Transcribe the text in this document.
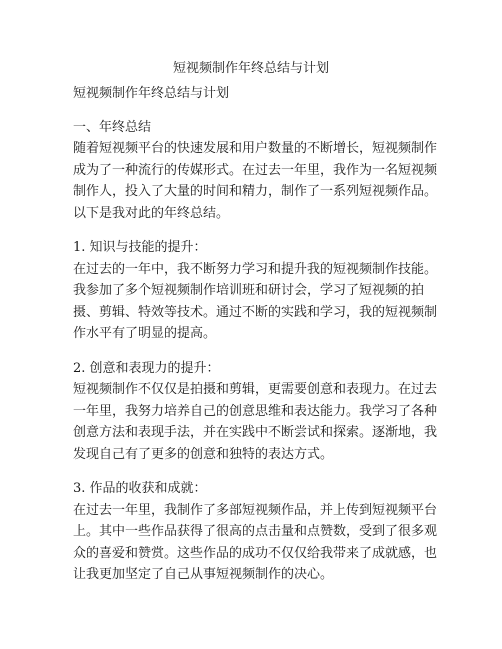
短视频制作年终总结与计划

短视频制作年终总结与计划

一、年终总结

随着短视频平台的快速发展和用户数量的不断增长，短视频制作成为了一种流行的传媒形式。在过去一年里，我作为一名短视频制作人，投入了大量的时间和精力，制作了一系列短视频作品。以下是我对此的年终总结。

1. 知识与技能的提升：

在过去的一年中，我不断努力学习和提升我的短视频制作技能。我参加了多个短视频制作培训班和研讨会，学习了短视频的拍摄、剪辑、特效等技术。通过不断的实践和学习，我的短视频制作水平有了明显的提高。

2. 创意和表现力的提升：

短视频制作不仅仅是拍摄和剪辑，更需要创意和表现力。在过去一年里，我努力培养自己的创意思维和表达能力。我学习了各种创意方法和表现手法，并在实践中不断尝试和探索。逐渐地，我发现自己有了更多的创意和独特的表达方式。

3. 作品的收获和成就：

在过去一年里，我制作了多部短视频作品，并上传到短视频平台上。其中一些作品获得了很高的点击量和点赞数，受到了很多观众的喜爱和赞赏。这些作品的成功不仅仅给我带来了成就感，也让我更加坚定了自己从事短视频制作的决心。
